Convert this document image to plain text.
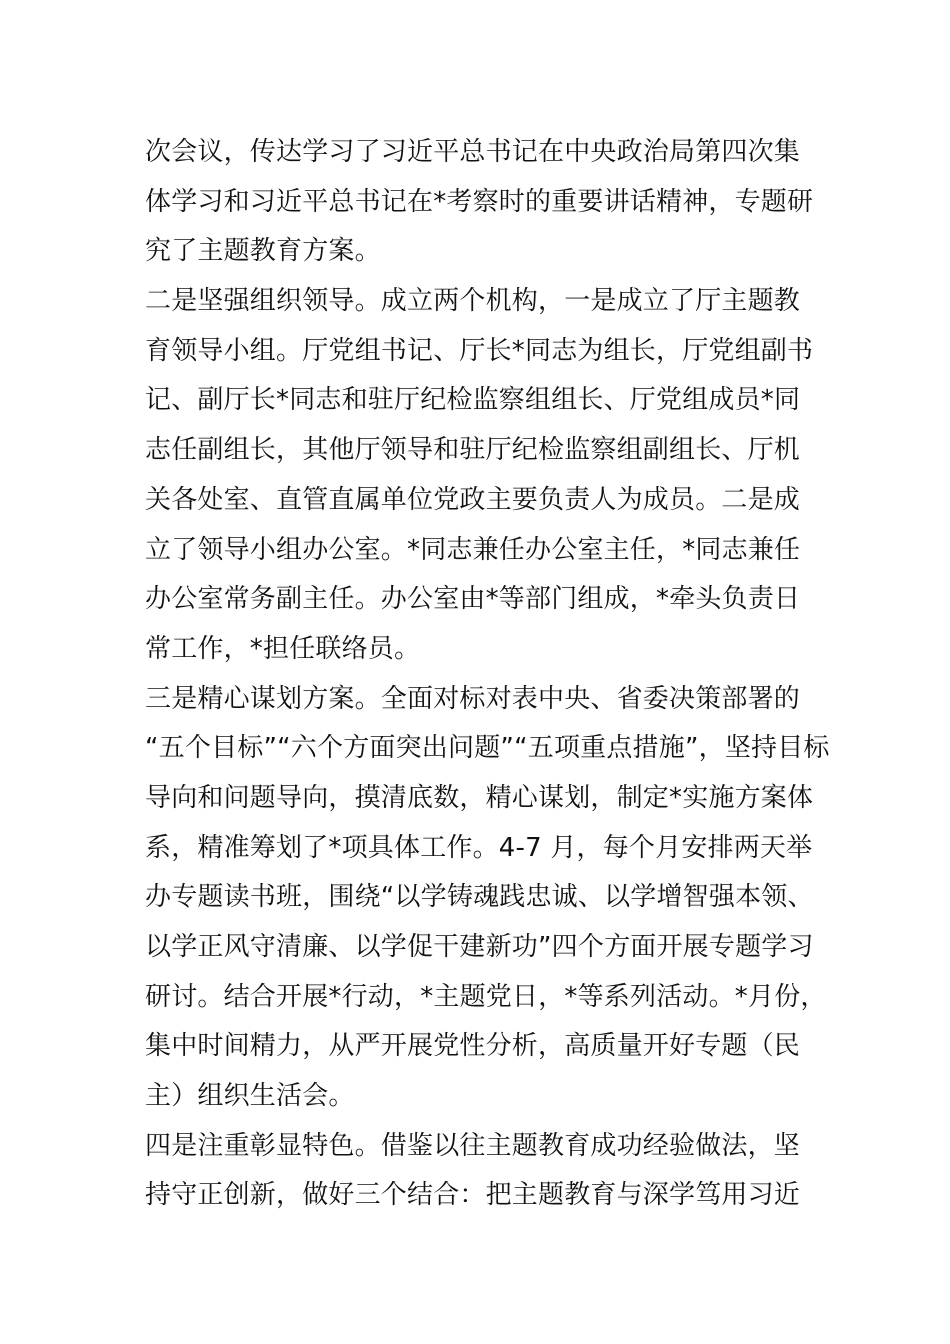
次会议，传达学习了习近平总书记在中央政治局第四次集
体学习和习近平总书记在*考察时的重要讲话精神，专题研
究了主题教育方案。
二是坚强组织领导。成立两个机构，一是成立了厅主题教
育领导小组。厅党组书记、厅长*同志为组长，厅党组副书
记、副厅长*同志和驻厅纪检监察组组长、厅党组成员*同
志任副组长，其他厅领导和驻厅纪检监察组副组长、厅机
关各处室、直管直属单位党政主要负责人为成员。二是成
立了领导小组办公室。*同志兼任办公室主任，*同志兼任
办公室常务副主任。办公室由*等部门组成，*牵头负责日
常工作，*担任联络员。
三是精心谋划方案。全面对标对表中央、省委决策部署的
“五个目标”“六个方面突出问题”“五项重点措施”，坚持目标
导向和问题导向，摸清底数，精心谋划，制定*实施方案体
系，精准筹划了*项具体工作。4-7 月，每个月安排两天举
办专题读书班，围绕“以学铸魂践忠诚、以学增智强本领、
以学正风守清廉、以学促干建新功”四个方面开展专题学习
研讨。结合开展*行动，*主题党日，*等系列活动。*月份，
集中时间精力，从严开展党性分析，高质量开好专题（民
主）组织生活会。
四是注重彰显特色。借鉴以往主题教育成功经验做法，坚
持守正创新，做好三个结合：把主题教育与深学笃用习近
